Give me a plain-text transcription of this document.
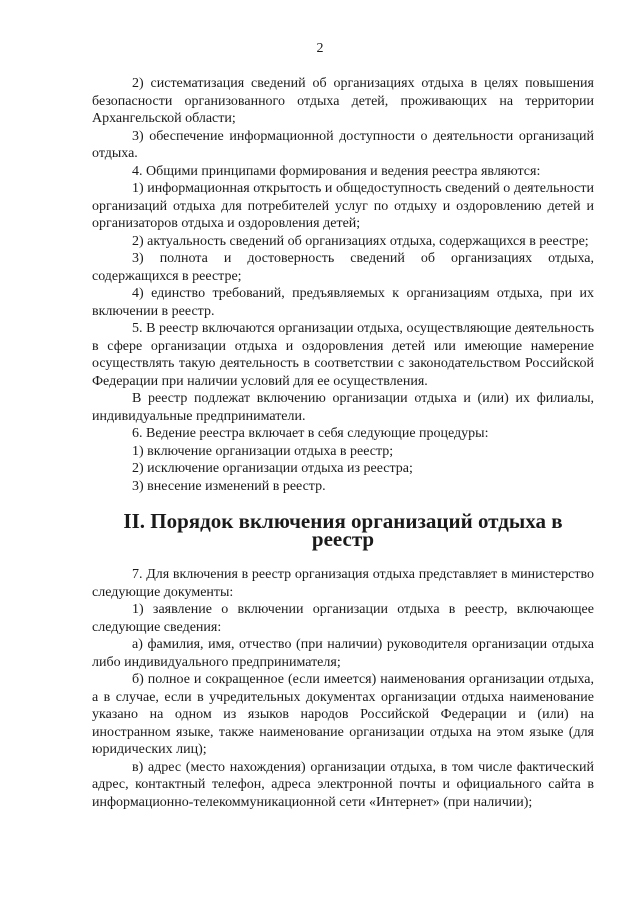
2

2) систематизация сведений об организациях отдыха в целях повышения безопасности организованного отдыха детей, проживающих на территории Архангельской области;

3) обеспечение информационной доступности о деятельности организаций отдыха.

4. Общими принципами формирования и ведения реестра являются:

1) информационная открытость и общедоступность сведений о деятельности организаций отдыха для потребителей услуг по отдыху и оздоровлению детей и организаторов отдыха и оздоровления детей;

2) актуальность сведений об организациях отдыха, содержащихся в реестре;

3) полнота и достоверность сведений об организациях отдыха, содержащихся в реестре;

4) единство требований, предъявляемых к организациям отдыха, при их включении в реестр.

5. В реестр включаются организации отдыха, осуществляющие деятельность в сфере организации отдыха и оздоровления детей или имеющие намерение осуществлять такую деятельность в соответствии с законодательством Российской Федерации при наличии условий для ее осуществления.

В реестр подлежат включению организации отдыха и (или) их филиалы, индивидуальные предприниматели.

6. Ведение реестра включает в себя следующие процедуры:

1) включение организации отдыха в реестр;

2) исключение организации отдыха из реестра;

3) внесение изменений в реестр.

II. Порядок включения организаций отдыха в реестр

7. Для включения в реестр организация отдыха представляет в министерство следующие документы:

1) заявление о включении организации отдыха в реестр, включающее следующие сведения:

а) фамилия, имя, отчество (при наличии) руководителя организации отдыха либо индивидуального предпринимателя;

б) полное и сокращенное (если имеется) наименования организации отдыха, а в случае, если в учредительных документах организации отдыха наименование указано на одном из языков народов Российской Федерации и (или) на иностранном языке, также наименование организации отдыха на этом языке (для юридических лиц);

в) адрес (место нахождения) организации отдыха, в том числе фактический адрес, контактный телефон, адреса электронной почты и официального сайта в информационно-телекоммуникационной сети «Интернет» (при наличии);
